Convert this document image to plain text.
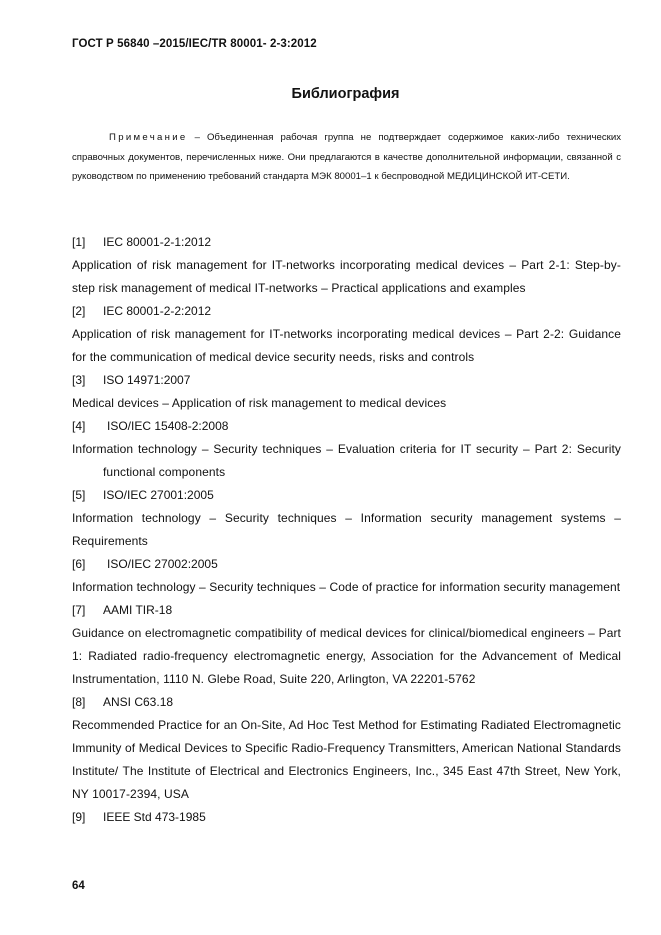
ГОСТ Р 56840 –2015/IEC/TR 80001- 2-3:2012
Библиография
Примечание – Объединенная рабочая группа не подтверждает содержимое каких-либо технических справочных документов, перечисленных ниже. Они предлагаются в качестве дополнительной информации, связанной с руководством по применению требований стандарта МЭК 80001–1 к беспроводной МЕДИЦИНСКОЙ ИТ-СЕТИ.
[1]	IEC 80001-2-1:2012
Application of risk management for IT-networks incorporating medical devices – Part 2-1: Step-by-step risk management of medical IT-networks – Practical applications and examples
[2]	IEC 80001-2-2:2012
Application of risk management for IT-networks incorporating medical devices – Part 2-2: Guidance for the communication of medical device security needs, risks and controls
[3]	ISO 14971:2007
Medical devices – Application of risk management to medical devices
[4]	ISO/IEC 15408-2:2008
Information technology – Security techniques – Evaluation criteria for IT security – Part 2: Security functional components
[5]	ISO/IEC 27001:2005
Information technology – Security techniques – Information security management systems – Requirements
[6]	ISO/IEC 27002:2005
Information technology – Security techniques – Code of practice for information security management
[7]	AAMI TIR-18
Guidance on electromagnetic compatibility of medical devices for clinical/biomedical engineers – Part 1: Radiated radio-frequency electromagnetic energy, Association for the Advancement of Medical Instrumentation, 1110 N. Glebe Road, Suite 220, Arlington, VA 22201-5762
[8]	ANSI C63.18
Recommended Practice for an On-Site, Ad Hoc Test Method for Estimating Radiated Electromagnetic Immunity of Medical Devices to Specific Radio-Frequency Transmitters, American National Standards Institute/ The Institute of Electrical and Electronics Engineers, Inc., 345 East 47th Street, New York, NY 10017-2394, USA
[9]	IEEE Std 473-1985
64
